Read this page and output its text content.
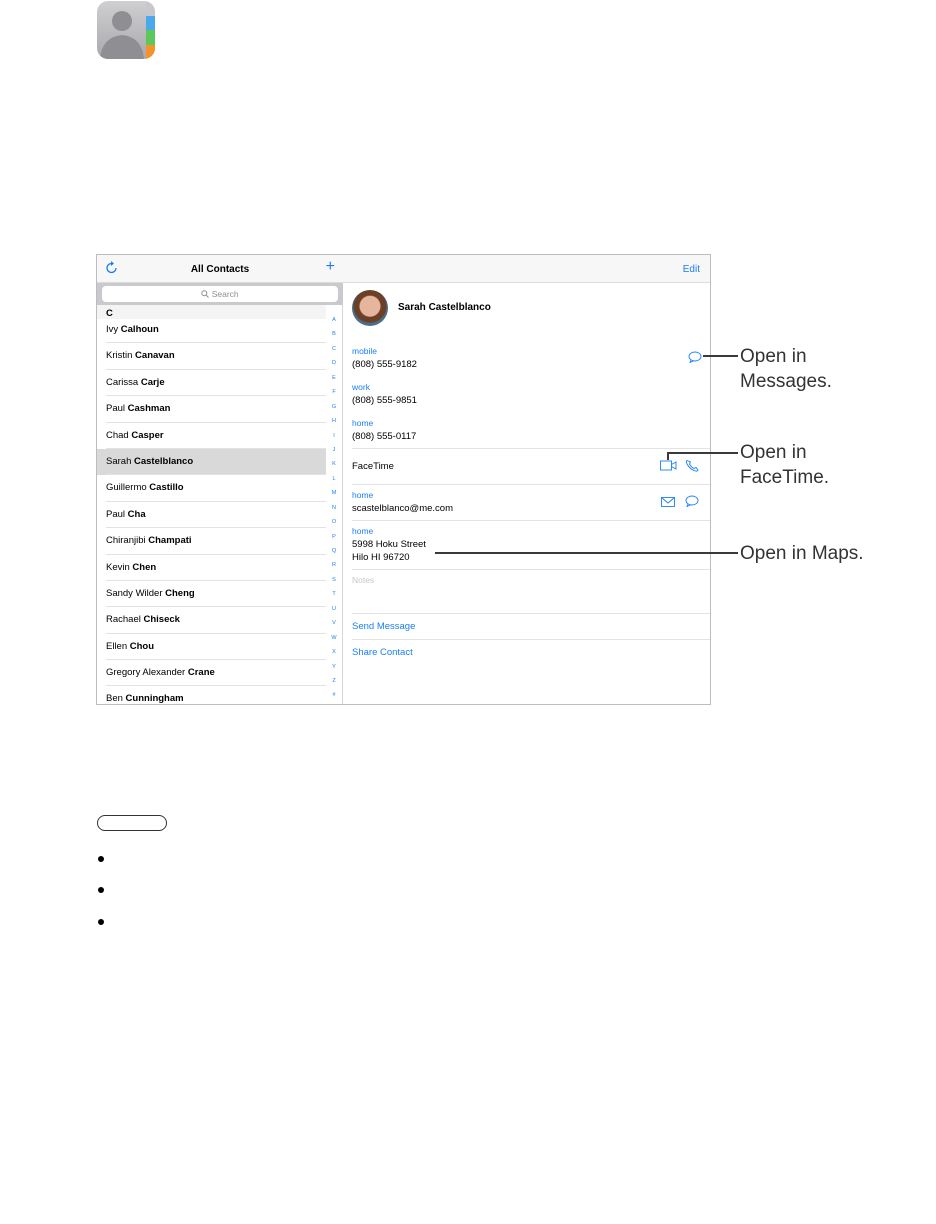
All Contacts	+
Search
C
Ivy Calhoun
Kristin Canavan
Carissa Carje
Paul Cashman
Chad Casper
Sarah Castelblanco
Guillermo Castillo
Paul Cha
Chiranjibi Champati
Kevin Chen
Sandy Wilder Cheng
Rachael Chiseck
Ellen Chou
Gregory Alexander Crane
Ben Cunningham
A
B
C
D
E
F
G
H
I
J
K
L
M
N
O
P
Q
R
S
T
U
V
W
X
Y
Z
#
Edit
Sarah Castelblanco
mobile
(808) 555-9182
work
(808) 555-9851
home
(808) 555-0117
FaceTime
home
scastelblanco@me.com
home
5998 Hoku Street
Hilo HI 96720
Notes
Send Message
Share Contact
Open in
Messages.
Open in
FaceTime.
Open in Maps.
